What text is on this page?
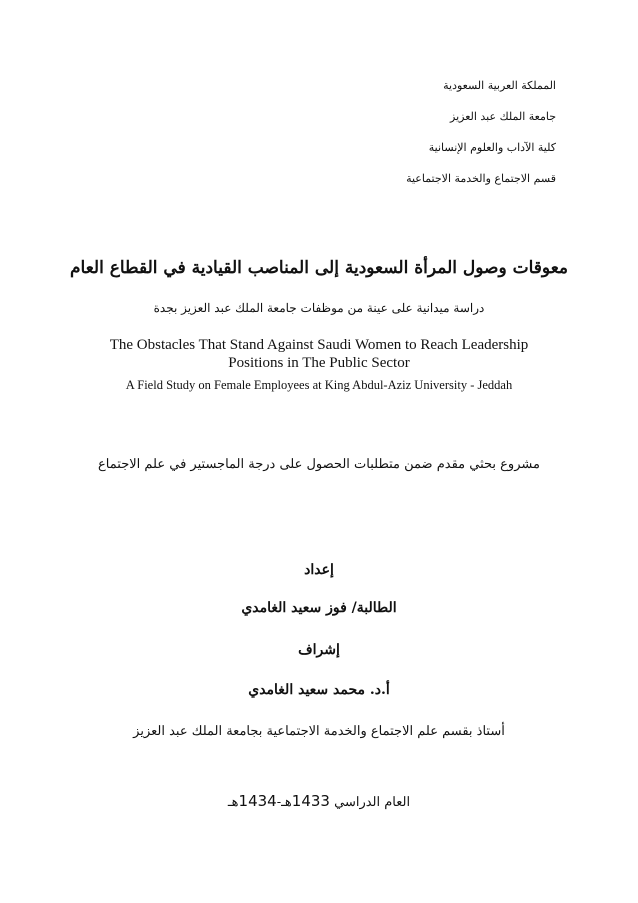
المملكة العربية السعودية
جامعة الملك عبد العزيز
كلية الآداب والعلوم الإنسانية
قسم الاجتماع والخدمة الاجتماعية
معوقات وصول المرأة السعودية إلى المناصب القيادية في القطاع العام
دراسة ميدانية على عينة من موظفات جامعة الملك عبد العزيز بجدة
The Obstacles That Stand Against Saudi Women to Reach Leadership
Positions in The Public Sector
A Field Study on Female Employees at King Abdul-Aziz University - Jeddah
مشروع بحثي مقدم ضمن متطلبات الحصول على درجة الماجستير في علم الاجتماع
إعداد
الطالبة/ فوز سعيد الغامدي
إشراف
أ.د. محمد سعيد الغامدي
أستاذ بقسم علم الاجتماع والخدمة الاجتماعية بجامعة الملك عبد العزيز
العام الدراسي 1433هـ-1434هـ
